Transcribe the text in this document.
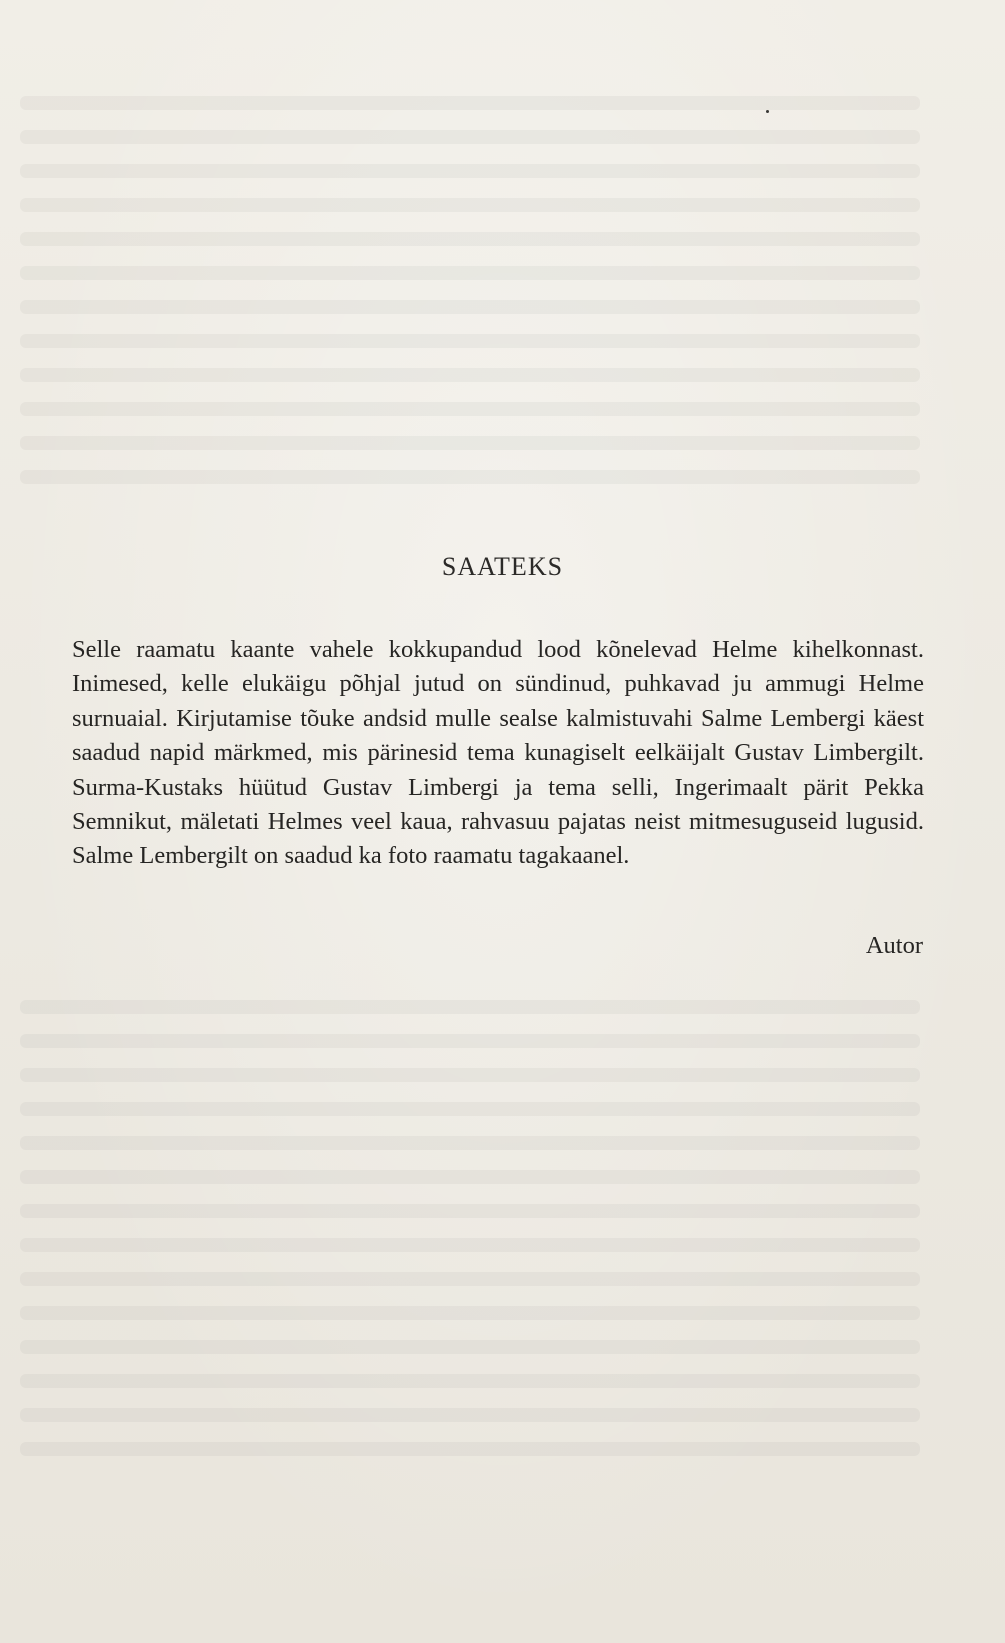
SAATEKS

Selle raamatu kaante vahele kokkupandud lood kõnelevad Helme kihelkonnast. Inimesed, kelle elukäigu põhjal jutud on sündinud, puhkavad ju ammugi Helme surnuaial. Kirjutamise tõuke andsid mulle sealse kalmistuvahi Salme Lembergi käest saadud napid märkmed, mis pärinesid tema kunagiselt eelkäijalt Gustav Limbergilt. Surma-Kustaks hüütud Gustav Limbergi ja tema selli, Ingerimaalt pärit Pekka Semnikut, mäletati Helmes veel kaua, rahvasuu pajatas neist mitmesuguseid lugusid. Salme Lembergilt on saadud ka foto raamatu tagakaanel.

Autor
